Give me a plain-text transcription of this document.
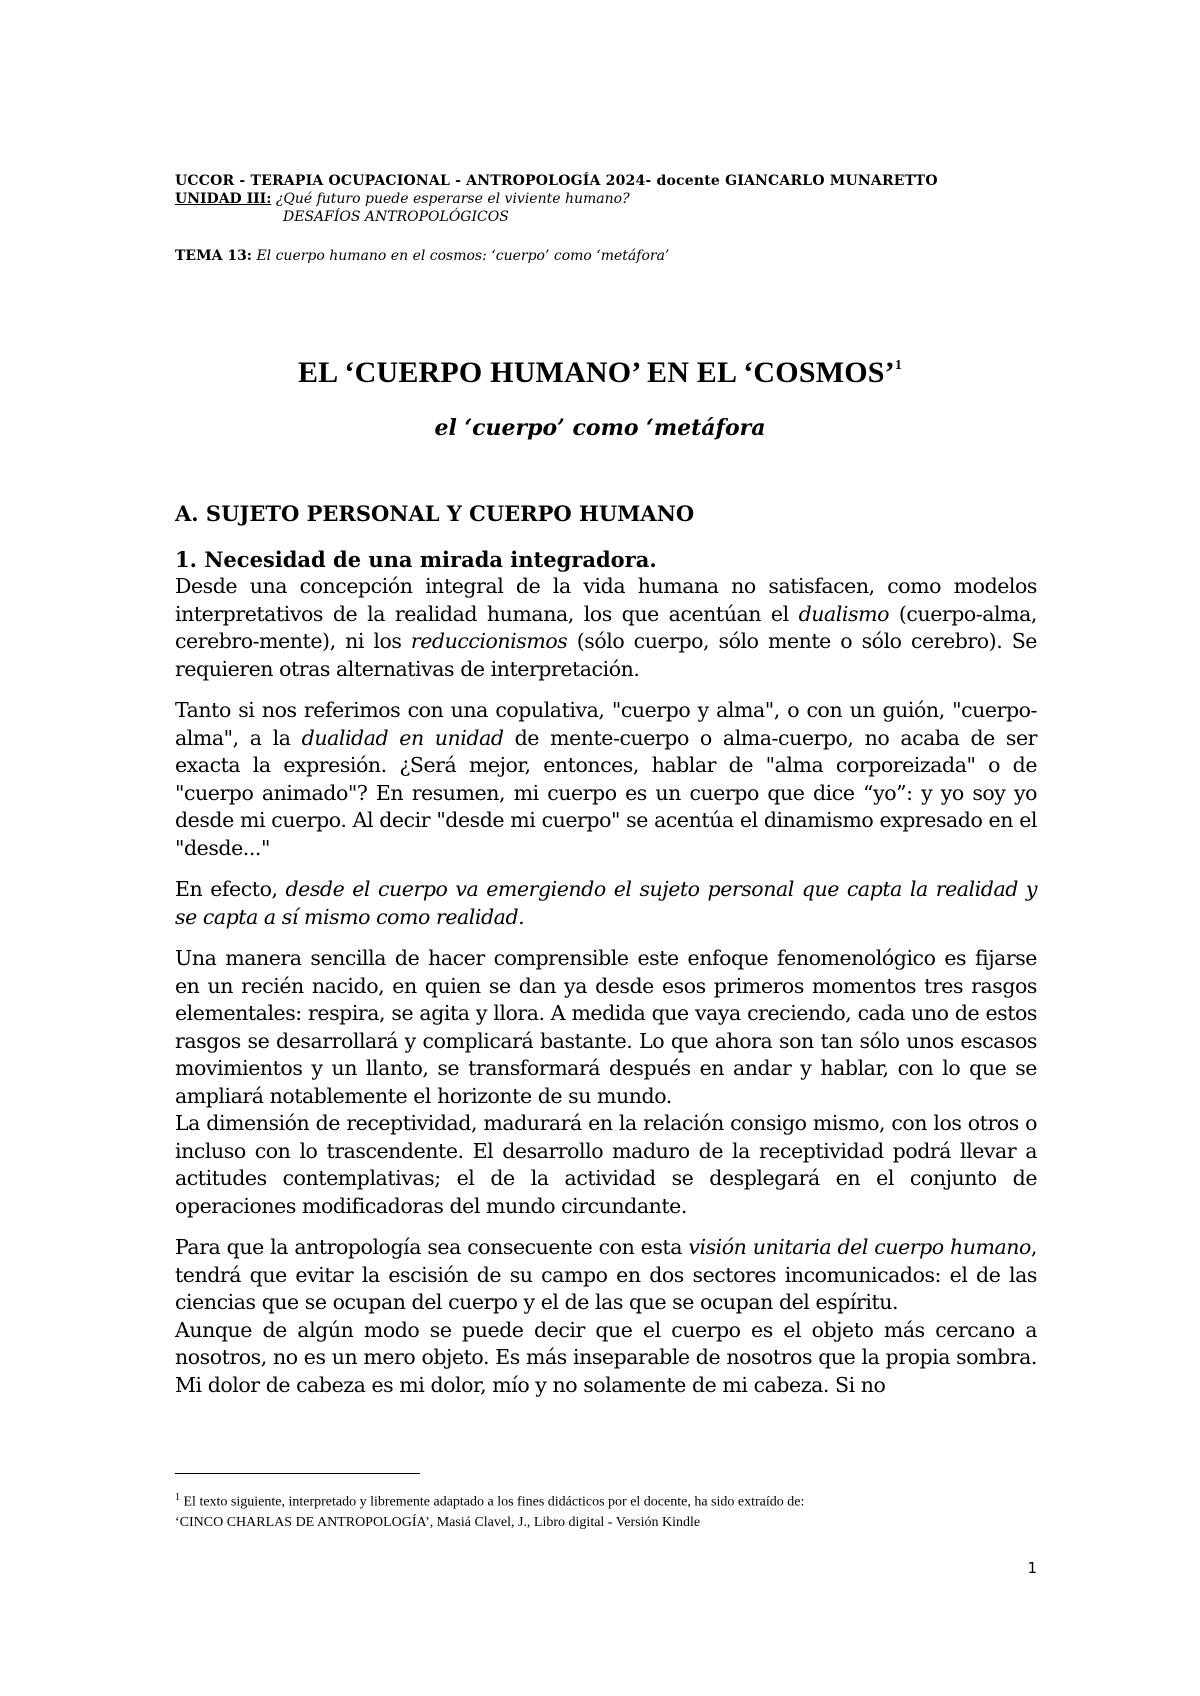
UCCOR - TERAPIA OCUPACIONAL - ANTROPOLOGÍA 2024- docente GIANCARLO MUNARETTO
UNIDAD III: ¿Qué futuro puede esperarse el viviente humano?
DESAFÍOS ANTROPOLÓGICOS
TEMA 13: El cuerpo humano en el cosmos: ‘cuerpo’ como ‘metáfora’
EL ‘CUERPO HUMANO’ EN EL ‘COSMOS’$^1$
el ‘cuerpo’ como ‘metáfora
A. SUJETO PERSONAL Y CUERPO HUMANO
1. Necesidad de una mirada integradora.

Desde una concepción integral de la vida humana no satisfacen, como modelos interpretativos de la realidad humana, los que acentúan el dualismo (cuerpo-alma, cerebro-mente), ni los reduccionismos (sólo cuerpo, sólo mente o sólo cerebro). Se requieren otras alternativas de interpretación.

Tanto si nos referimos con una copulativa, "cuerpo y alma", o con un guión, "cuerpo-alma", a la dualidad en unidad de mente-cuerpo o alma-cuerpo, no acaba de ser exacta la expresión. ¿Será mejor, entonces, hablar de "alma corporeizada" o de "cuerpo animado"? En resumen, mi cuerpo es un cuerpo que dice “yo”: y yo soy yo desde mi cuerpo. Al decir "desde mi cuerpo" se acentúa el dinamismo expresado en el "desde..."

En efecto, desde el cuerpo va emergiendo el sujeto personal que capta la realidad y se capta a sí mismo como realidad.

Una manera sencilla de hacer comprensible este enfoque fenomenológico es fijarse en un recién nacido, en quien se dan ya desde esos primeros momentos tres rasgos elementales: respira, se agita y llora. A medida que vaya creciendo, cada uno de estos rasgos se desarrollará y complicará bastante. Lo que ahora son tan sólo unos escasos movimientos y un llanto, se transformará después en andar y hablar, con lo que se ampliará notablemente el horizonte de su mundo.

La dimensión de receptividad, madurará en la relación consigo mismo, con los otros o incluso con lo trascendente. El desarrollo maduro de la receptividad podrá llevar a actitudes contemplativas; el de la actividad se desplegará en el conjunto de operaciones modificadoras del mundo circundante.

Para que la antropología sea consecuente con esta visión unitaria del cuerpo humano, tendrá que evitar la escisión de su campo en dos sectores incomunicados: el de las ciencias que se ocupan del cuerpo y el de las que se ocupan del espíritu.

Aunque de algún modo se puede decir que el cuerpo es el objeto más cercano a nosotros, no es un mero objeto. Es más inseparable de nosotros que la propia sombra. Mi dolor de cabeza es mi dolor, mío y no solamente de mi cabeza. Si no

$^1$ El texto siguiente, interpretado y libremente adaptado a los fines didácticos por el docente, ha sido extraído de:
‘CINCO CHARLAS DE ANTROPOLOGÍA’, Masiá Clavel, J., Libro digital - Versión Kindle
1
